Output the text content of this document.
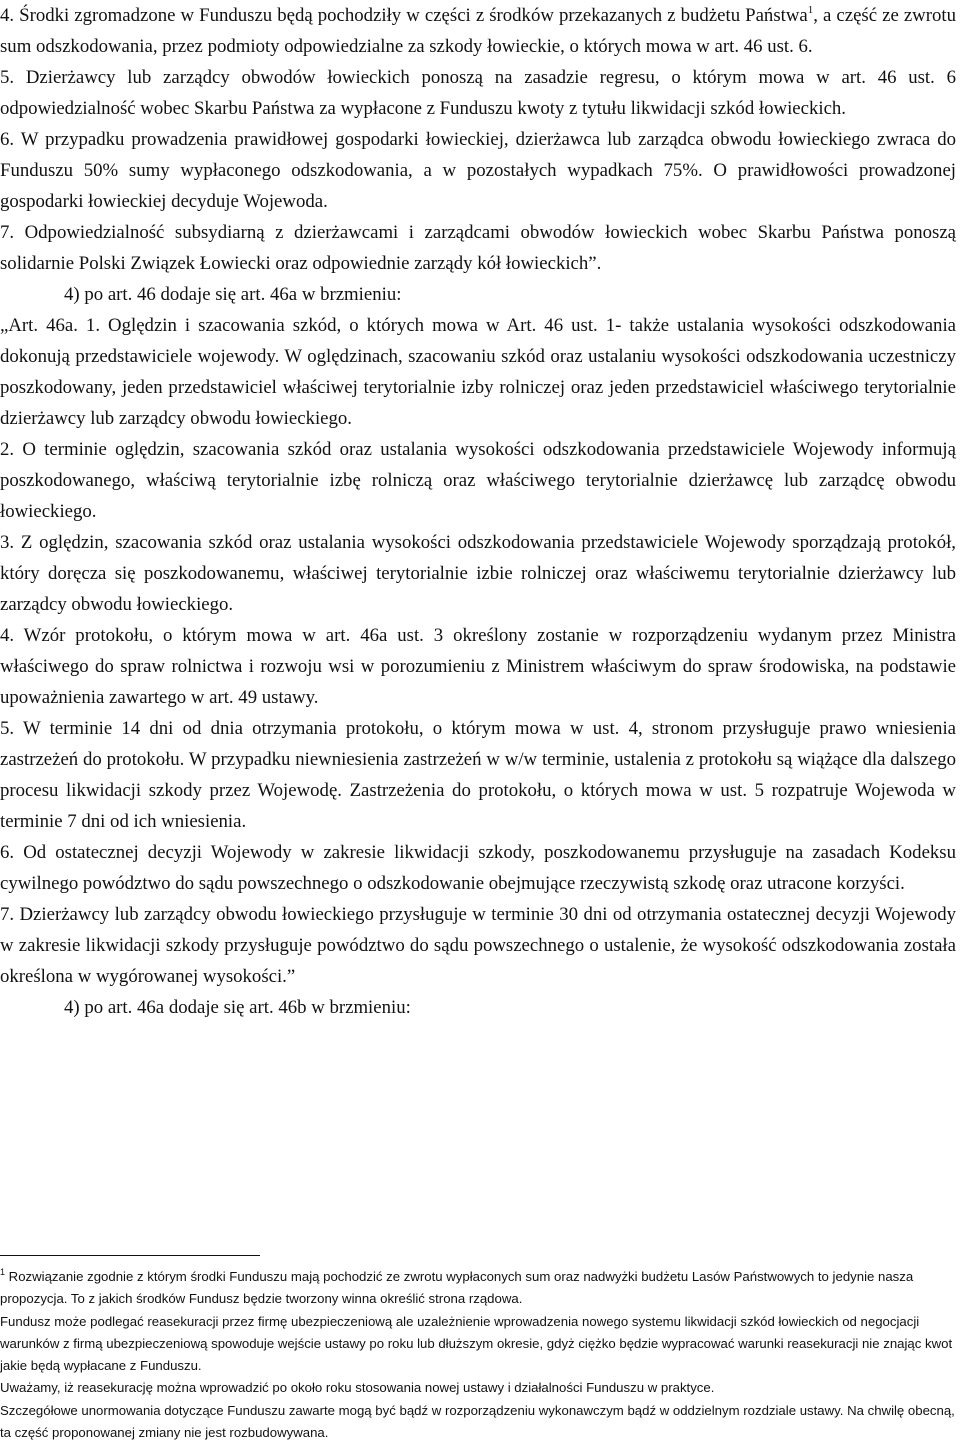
4. Środki zgromadzone w Funduszu będą pochodziły w części z środków przekazanych z budżetu Państwa$^1$, a część ze zwrotu sum odszkodowania, przez podmioty odpowiedzialne za szkody łowieckie, o których mowa w art. 46 ust. 6.

5. Dzierżawcy lub zarządcy obwodów łowieckich ponoszą na zasadzie regresu, o którym mowa w art. 46 ust. 6 odpowiedzialność wobec Skarbu Państwa za wypłacone z Funduszu kwoty z tytułu likwidacji szkód łowieckich.

6. W przypadku prowadzenia prawidłowej gospodarki łowieckiej, dzierżawca lub zarządca obwodu łowieckiego zwraca do Funduszu 50% sumy wypłaconego odszkodowania, a w pozostałych wypadkach 75%. O prawidłowości prowadzonej gospodarki łowieckiej decyduje Wojewoda.

7. Odpowiedzialność subsydiarną z dzierżawcami i zarządcami obwodów łowieckich wobec Skarbu Państwa ponoszą solidarnie Polski Związek Łowiecki oraz odpowiednie zarządy kół łowieckich”.

4) po art. 46 dodaje się art. 46a w brzmieniu:

„Art. 46a. 1. Oględzin i szacowania szkód, o których mowa w Art. 46 ust. 1- także ustalania wysokości odszkodowania dokonują przedstawiciele wojewody. W oględzinach, szacowaniu szkód oraz ustalaniu wysokości odszkodowania uczestniczy poszkodowany, jeden przedstawiciel właściwej terytorialnie izby rolniczej oraz jeden przedstawiciel właściwego terytorialnie dzierżawcy lub zarządcy obwodu łowieckiego.

2. O terminie oględzin, szacowania szkód oraz ustalania wysokości odszkodowania przedstawiciele Wojewody informują poszkodowanego, właściwą terytorialnie izbę rolniczą oraz właściwego terytorialnie dzierżawcę lub zarządcę obwodu łowieckiego.

3. Z oględzin, szacowania szkód oraz ustalania wysokości odszkodowania przedstawiciele Wojewody sporządzają protokół, który doręcza się poszkodowanemu, właściwej terytorialnie izbie rolniczej oraz właściwemu terytorialnie dzierżawcy lub zarządcy obwodu łowieckiego.

4. Wzór protokołu, o którym mowa w art. 46a ust. 3 określony zostanie w rozporządzeniu wydanym przez Ministra właściwego do spraw rolnictwa i rozwoju wsi w porozumieniu z Ministrem właściwym do spraw środowiska, na podstawie upoważnienia zawartego w art. 49 ustawy.

5. W terminie 14 dni od dnia otrzymania protokołu, o którym mowa w ust. 4, stronom przysługuje prawo wniesienia zastrzeżeń do protokołu. W przypadku niewniesienia zastrzeżeń w w/w terminie, ustalenia z protokołu są wiążące dla dalszego procesu likwidacji szkody przez Wojewodę. Zastrzeżenia do protokołu, o których mowa w ust. 5 rozpatruje Wojewoda w terminie 7 dni od ich wniesienia.

6. Od ostatecznej decyzji Wojewody w zakresie likwidacji szkody, poszkodowanemu przysługuje na zasadach Kodeksu cywilnego powództwo do sądu powszechnego o odszkodowanie obejmujące rzeczywistą szkodę oraz utracone korzyści.

7. Dzierżawcy lub zarządcy obwodu łowieckiego przysługuje w terminie 30 dni od otrzymania ostatecznej decyzji Wojewody w zakresie likwidacji szkody przysługuje powództwo do sądu powszechnego o ustalenie, że wysokość odszkodowania została określona w wygórowanej wysokości.”

4) po art. 46a dodaje się art. 46b w brzmieniu:

$^1$ Rozwiązanie zgodnie z którym środki Funduszu mają pochodzić ze zwrotu wypłaconych sum oraz nadwyżki budżetu Lasów Państwowych to jedynie nasza propozycja. To z jakich środków Fundusz będzie tworzony winna określić strona rządowa.

Fundusz może podlegać reasekuracji przez firmę ubezpieczeniową ale uzależnienie wprowadzenia nowego systemu likwidacji szkód łowieckich od negocjacji warunków z firmą ubezpieczeniową spowoduje wejście ustawy po roku lub dłuższym okresie, gdyż ciężko będzie wypracować warunki reasekuracji nie znając kwot jakie będą wypłacane z Funduszu.

Uważamy, iż reasekurację można wprowadzić po około roku stosowania nowej ustawy i działalności Funduszu w praktyce.

Szczegółowe unormowania dotyczące Funduszu zawarte mogą być bądź w rozporządzeniu wykonawczym bądź w oddzielnym rozdziale ustawy. Na chwilę obecną, ta część proponowanej zmiany nie jest rozbudowywana.
